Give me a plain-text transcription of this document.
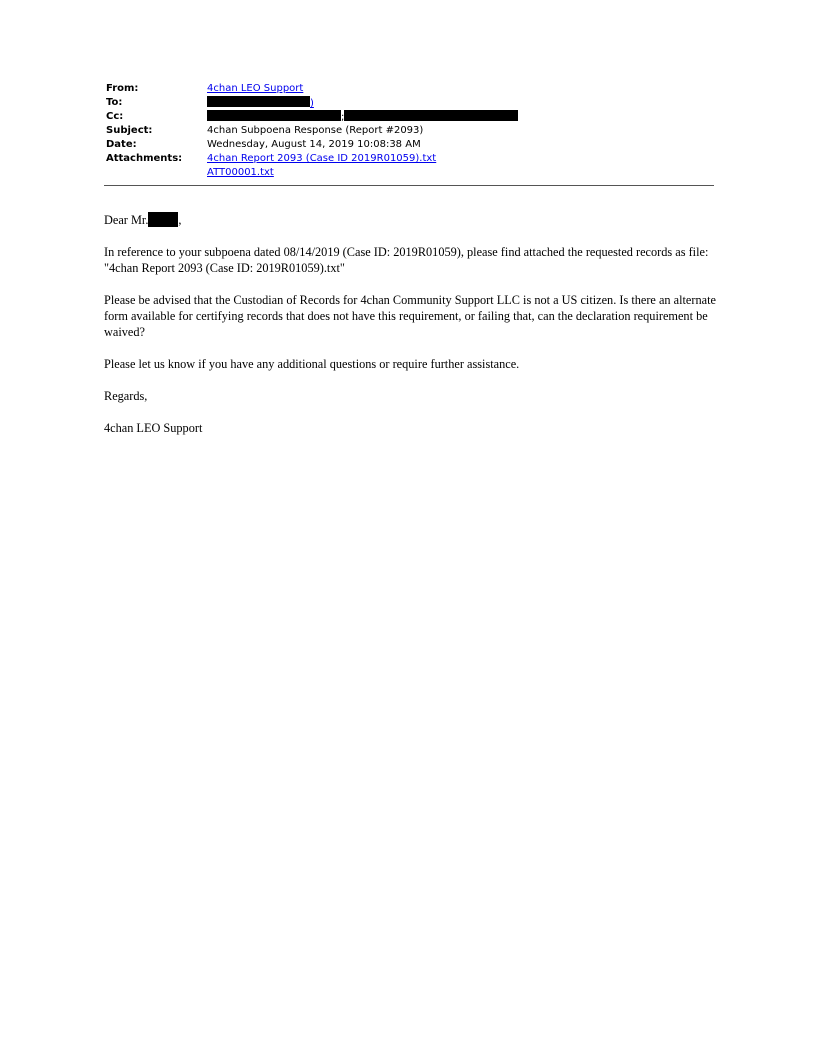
From:	4chan LEO Support
To:	)
Cc:	;
Subject:	4chan Subpoena Response (Report #2093)
Date:	Wednesday, August 14, 2019 10:08:38 AM
Attachments: 4chan Report 2093 (Case ID 2019R01059).txt
ATT00001.txt

Dear Mr. ,

In reference to your subpoena dated 08/14/2019 (Case ID: 2019R01059), please find attached the requested records as file: "4chan Report 2093 (Case ID: 2019R01059).txt"

Please be advised that the Custodian of Records for 4chan Community Support LLC is not a US citizen. Is there an alternate form available for certifying records that does not have this requirement, or failing that, can the declaration requirement be waived?

Please let us know if you have any additional questions or require further assistance.

Regards,

4chan LEO Support
